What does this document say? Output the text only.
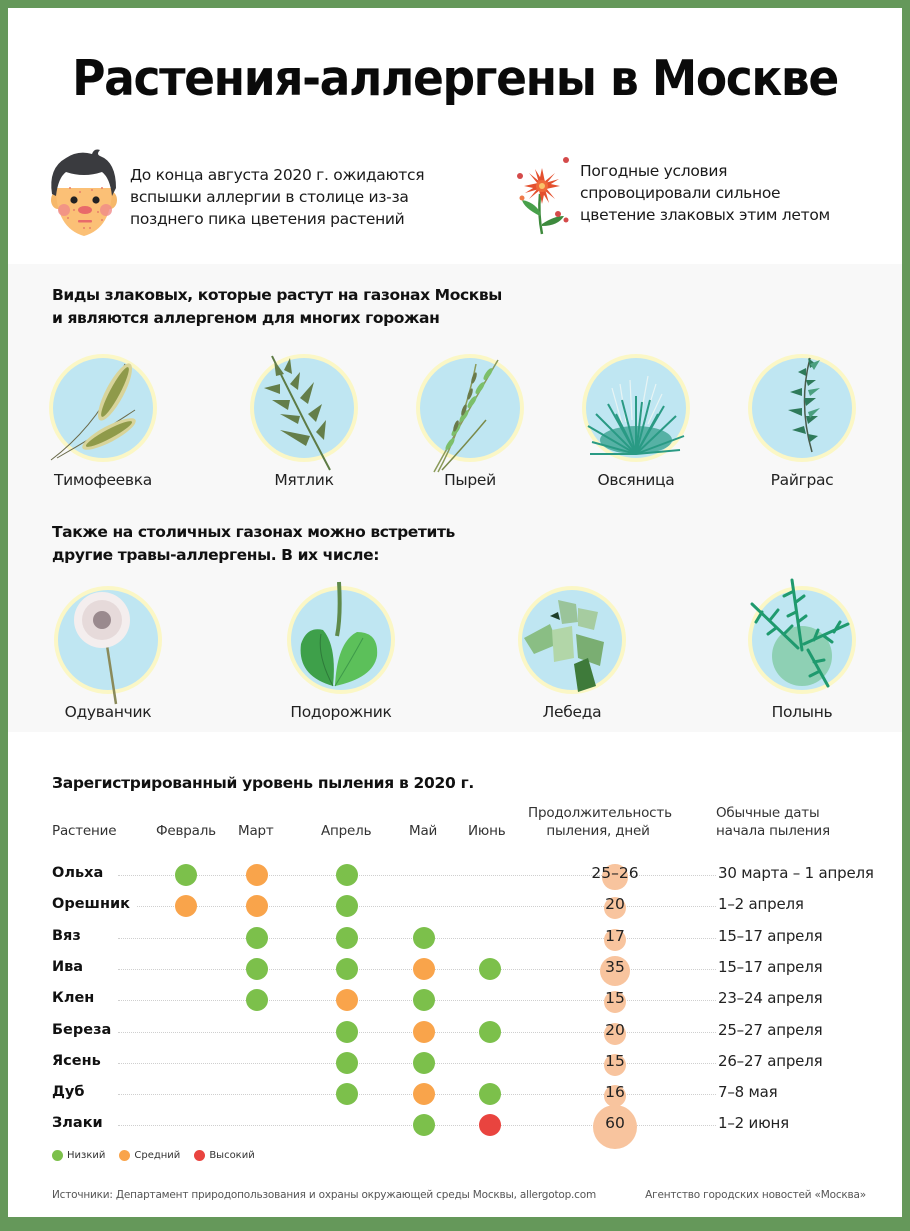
Растения-аллергены в Москве
До конца августа 2020 г. ожидаются
вспышки аллергии в столице из-за
позднего пика цветения растений
Погодные условия
спровоцировали сильное
цветение злаковых этим летом
Виды злаковых, которые растут на газонах Москвы
и являются аллергеном для многих горожан
Тимофеевка	Мятлик	Пырей	Овсяница	Райграс
Также на столичных газонах можно встретить
другие травы-аллергены. В их числе:
Одуванчик	Подорожник	Лебеда	Полынь
Зарегистрированный уровень пыления в 2020 г.
Растение	Февраль Март	Апрель	Май Июнь
Продолжительность
пыления, дней
Обычные даты
начала пыления
Ольха	25–26	30 марта – 1 апреля
Орешник	20	1–2 апреля
Вяз	17	15–17 апреля
Ива	35	15–17 апреля
Клен	15	23–24 апреля
Береза	20	25–27 апреля
Ясень	15	26–27 апреля
Дуб	16	7–8 мая
Злаки	60	1–2 июня
Низкий	Средний	Высокий
Источники: Департамент природопользования и охраны окружающей среды Москвы, allergotop.com	Агентство городских новостей «Москва»
